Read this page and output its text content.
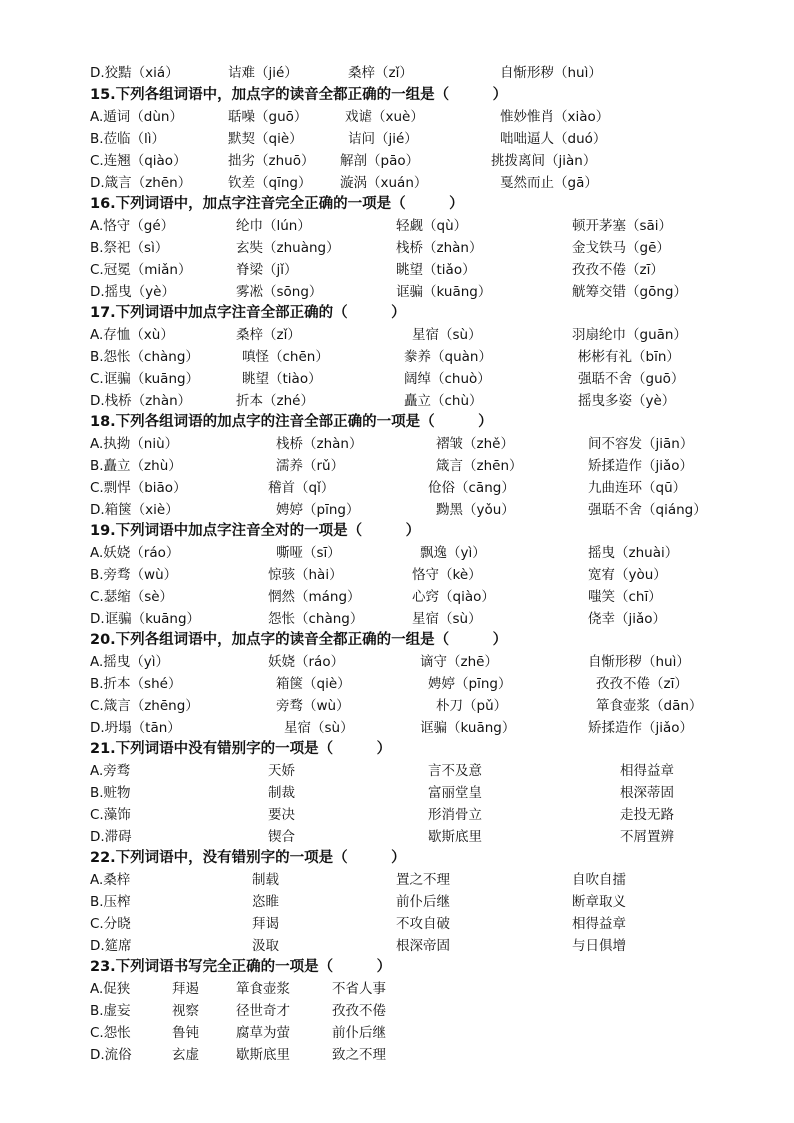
D.狡黠（xiá）	诘难（jié）	桑梓（zǐ）	自惭形秽（huì）
15.下列各组词语中，加点字的读音全都正确的一组是（　　　）
A.遁词（dùn）	聒噪（guō）	戏谑（xuè）	惟妙惟肖（xiào）
B.莅临（lì）	默契（qiè）	诘问（jié）	咄咄逼人（duó）
C.连翘（qiào）	拙劣（zhuō） 解剖（pāo）	挑拨离间（jiàn）
D.箴言（zhēn）	钦差（qīng） 漩涡（xuán）	戛然而止（gā）
16.下列词语中，加点字注音完全正确的一项是（　　　）
A.恪守（gé）	纶巾（lún）	轻觑（qù）	顿开茅塞（sāi）
B.祭祀（sì）	玄奘（zhuàng）	栈桥（zhàn）	金戈铁马（gē）
C.冠冕（miǎn）	脊梁（jǐ）	眺望（tiǎo）	孜孜不倦（zī）
D.摇曳（yè）	雾凇（sōng）	诓骗（kuāng）	觥筹交错（gōng）
17.下列词语中加点字注音全部正确的（　　　）
A.存恤（xù）	桑梓（zǐ）	星宿（sù）	羽扇纶巾（guān）
B.怨怅（chàng）	嗔怪（chēn）	豢养（quàn）	彬彬有礼（bīn）
C.诓骗（kuāng）	眺望（tiào）	阔绰（chuò）	强聒不舍（guō）
D.栈桥（zhàn）	折本（zhé）	矗立（chù）	摇曳多姿（yè）
18.下列各组词语的加点字的注音全部正确的一项是（　　　）
A.执拗（niù）	栈桥（zhàn）	褶皱（zhě）	间不容发（jiān）
B.矗立（zhù）	濡养（rǔ）	箴言（zhēn）	矫揉造作（jiǎo）
C.剽悍（biāo）	稽首（qǐ）	伧俗（cāng）	九曲连环（qū）
D.箱箧（xiè）	娉婷（pīng）	黝黑（yǒu）	强聒不舍（qiáng）
19.下列词语中加点字注音全对的一项是（　　　）
A.妖娆（ráo）	嘶哑（sī）	飘逸（yì）	摇曳（zhuài）
B.旁骛（wù）	惊骇（hài）	恪守（kè）	宽宥（yòu）
C.瑟缩（sè）	惘然（máng）	心窍（qiào）	嗤笑（chī）
D.诓骗（kuāng）	怨怅（chàng）	星宿（sù）	侥幸（jiǎo）
20.下列各组词语中，加点字的读音全都正确的一组是（　　　）
A.摇曳（yì）	妖娆（ráo）	谪守（zhē）	自惭形秽（huì）
B.折本（shé）	箱箧（qiè）	娉婷（pīng）	孜孜不倦（zī）
C.箴言（zhēng）	旁骛（wù）	朴刀（pǔ）	箪食壶浆（dān）
D.坍塌（tān）	星宿（sù）	诓骗（kuāng）	矫揉造作（jiǎo）
21.下列词语中没有错别字的一项是（　　　）
A.旁骛	天娇	言不及意	相得益章
B.赃物	制裁	富丽堂皇	根深蒂固
C.藻饰	要决	形消骨立	走投无路
D.滞碍	锲合	歇斯底里	不屑置辨
22.下列词语中，没有错别字的一项是（　　　）
A.桑梓	制载	置之不理	自吹自擂
B.压榨	恣睢	前仆后继	断章取义
C.分晓	拜谒	不攻自破	相得益章
D.筵席	汲取	根深帝固	与日俱增
23.下列词语书写完全正确的一项是（　　　）
A.促狭	拜遏	箪食壶浆	不省人事
B.虚妄	视察	径世奇才	孜孜不倦
C.怨怅	鲁钝	腐草为萤	前仆后继
D.流俗	玄虚	歇斯底里	致之不理
